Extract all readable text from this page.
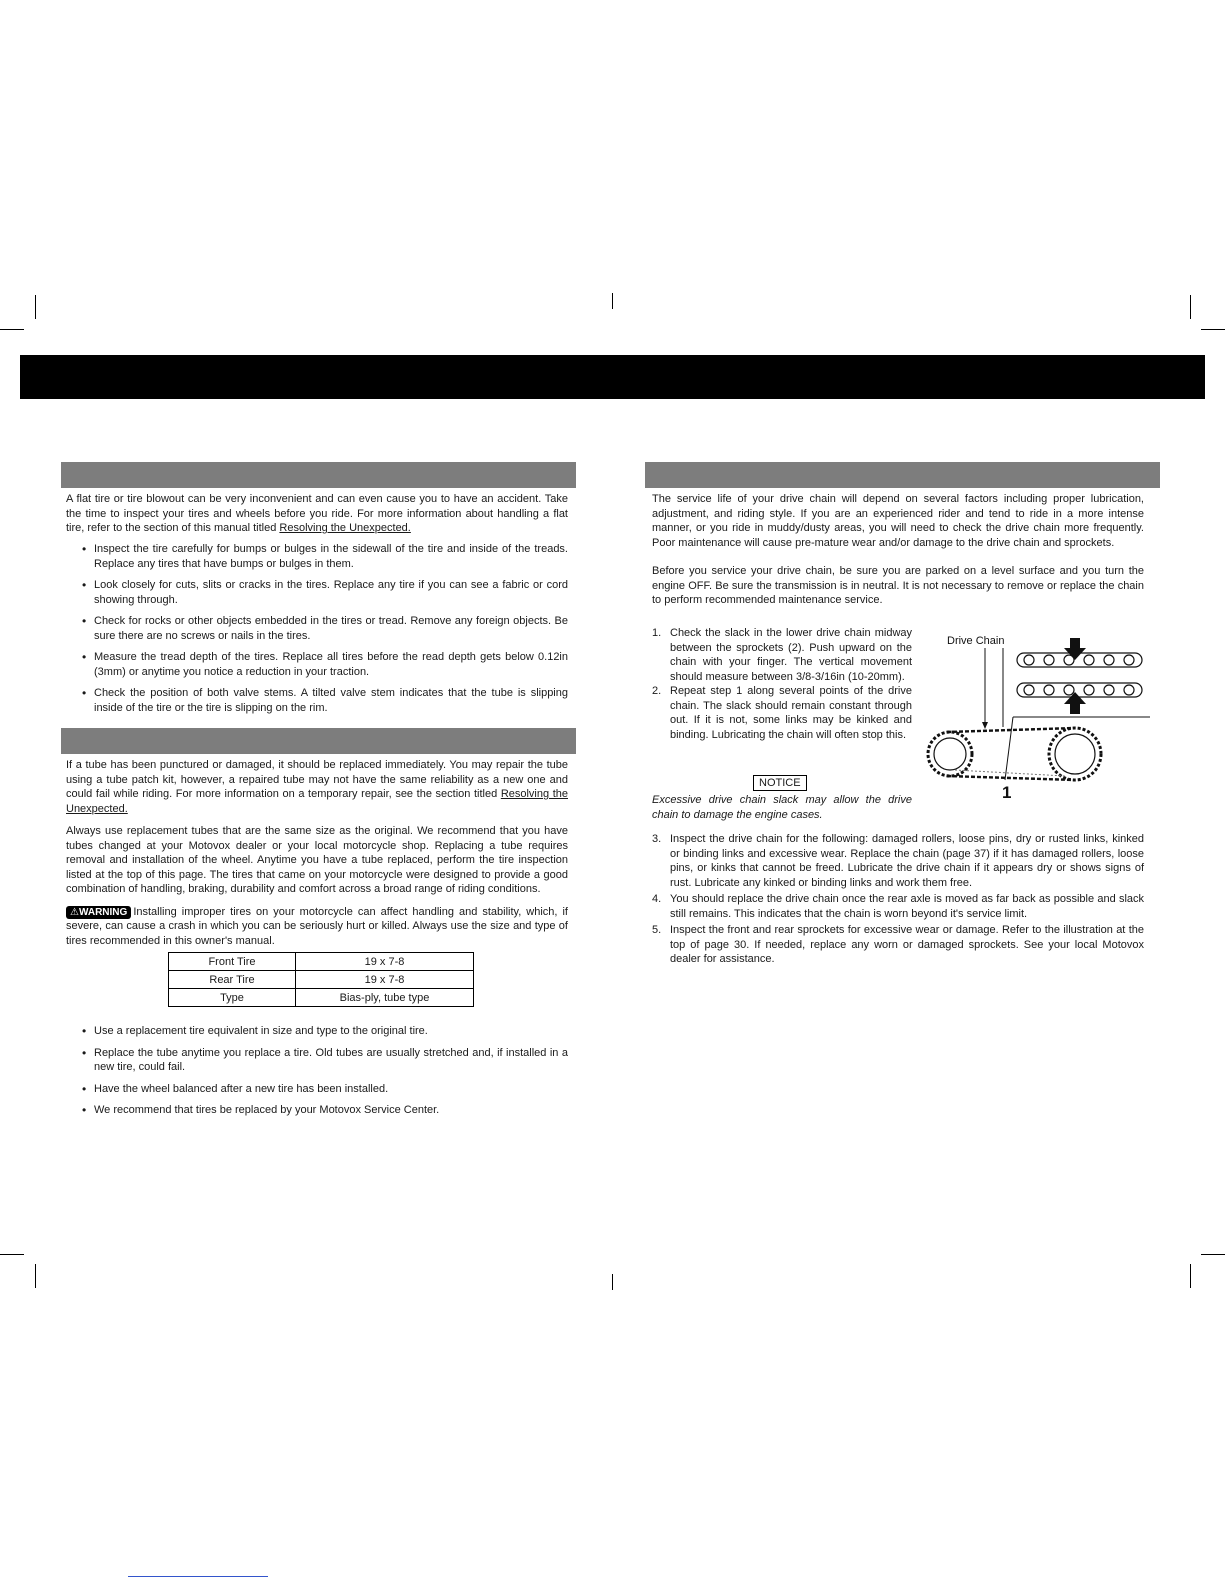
A flat tire or tire blowout can be very inconvenient and can even cause you to have an accident. Take the time to inspect your tires and wheels before you ride. For more information about handling a flat tire, refer to the section of this manual titled Resolving the Unexpected.
• Inspect the tire carefully for bumps or bulges in the sidewall of the tire and inside of the treads. Replace any tires that have bumps or bulges in them.
• Look closely for cuts, slits or cracks in the tires. Replace any tire if you can see a fabric or cord showing through.
• Check for rocks or other objects embedded in the tires or tread. Remove any foreign objects. Be sure there are no screws or nails in the tires.
• Measure the tread depth of the tires. Replace all tires before the read depth gets below 0.12in (3mm) or anytime you notice a reduction in your traction.
• Check the position of both valve stems. A tilted valve stem indicates that the tube is slipping inside of the tire or the tire is slipping on the rim.

If a tube has been punctured or damaged, it should be replaced immediately. You may repair the tube using a tube patch kit, however, a repaired tube may not have the same reliability as a new one and could fail while riding. For more information on a temporary repair, see the section titled Resolving the Unexpected.

Always use replacement tubes that are the same size as the original. We recommend that you have tubes changed at your Motovox dealer or your local motorcycle shop. Replacing a tube requires removal and installation of the wheel. Anytime you have a tube replaced, perform the tire inspection listed at the top of this page. The tires that came on your motorcycle were designed to provide a good combination of handling, braking, durability and comfort across a broad range of riding conditions.

⚠WARNING Installing improper tires on your motorcycle can affect handling and stability, which, if severe, can cause a crash in which you can be seriously hurt or killed. Always use the size and type of tires recommended in this owner's manual.

Front Tire	19 x 7-8
Rear Tire	19 x 7-8
Type	Bias-ply, tube type
• Use a replacement tire equivalent in size and type to the original tire.
• Replace the tube anytime you replace a tire. Old tubes are usually stretched and, if installed in a new tire, could fail.
• Have the wheel balanced after a new tire has been installed.
• We recommend that tires be replaced by your Motovox Service Center.

The service life of your drive chain will depend on several factors including proper lubrication, adjustment, and riding style. If you are an experienced rider and tend to ride in a more intense manner, or you ride in muddy/dusty areas, you will need to check the drive chain more frequently. Poor maintenance will cause pre-mature wear and/or damage to the drive chain and sprockets.

Before you service your drive chain, be sure you are parked on a level surface and you turn the engine OFF. Be sure the transmission is in neutral. It is not necessary to remove or replace the chain to perform recommended maintenance service.

1. Check the slack in the lower drive chain midway between the sprockets (2). Push upward on the chain with your finger. The vertical movement should measure between 3/8-3/16in (10-20mm).
2. Repeat step 1 along several points of the drive chain. The slack should remain constant through out. If it is not, some links may be kinked and binding. Lubricating the chain will often stop this.
NOTICE
Excessive drive chain slack may allow the drive chain to damage the engine cases.
Drive Chain
1
3. Inspect the drive chain for the following: damaged rollers, loose pins, dry or rusted links, kinked or binding links and excessive wear. Replace the chain (page 37) if it has damaged rollers, loose pins, or kinks that cannot be freed. Lubricate the drive chain if it appears dry or shows signs of rust. Lubricate any kinked or binding links and work them free.
4. You should replace the drive chain once the rear axle is moved as far back as possible and slack still remains. This indicates that the chain is worn beyond it's service limit.
5. Inspect the front and rear sprockets for excessive wear or damage. Refer to the illustration at the top of page 30. If needed, replace any worn or damaged sprockets. See your local Motovox dealer for assistance.
